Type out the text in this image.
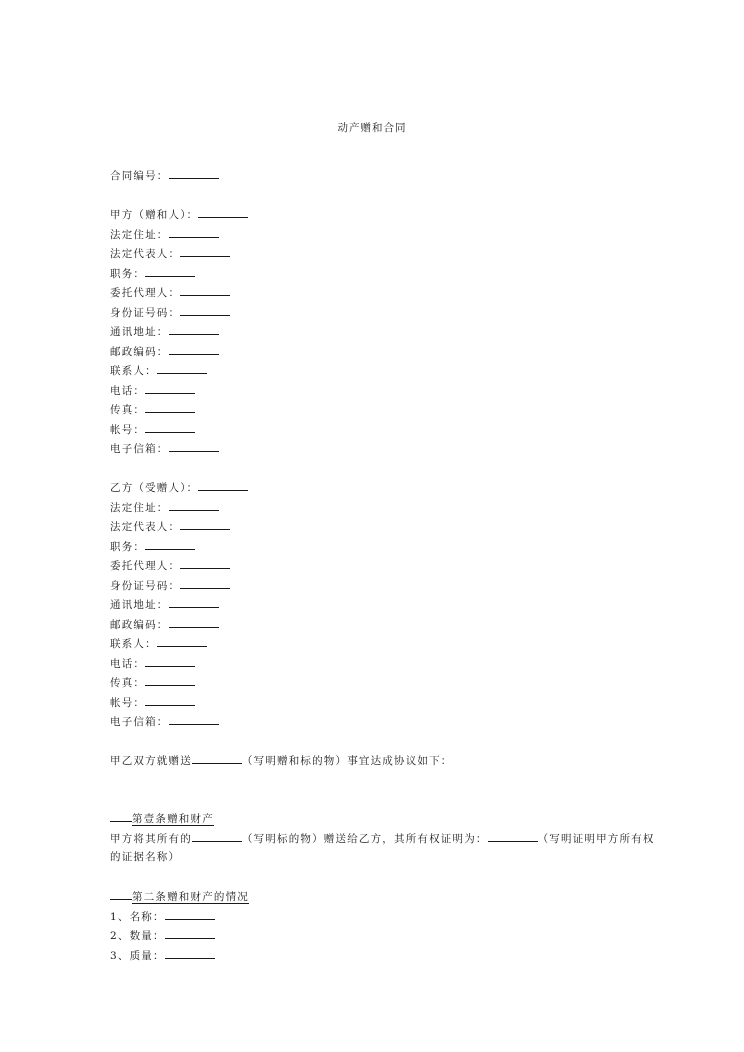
动产赠和合同
合同编号：
甲方（赠和人）：
法定住址：
法定代表人：
职务：
委托代理人：
身份证号码：
通讯地址：
邮政编码：
联系人：
电话：
传真：
帐号：
电子信箱：
乙方（受赠人）：
法定住址：
法定代表人：
职务：
委托代理人：
身份证号码：
通讯地址：
邮政编码：
联系人：
电话：
传真：
帐号：
电子信箱：
甲乙双方就赠送	（写明赠和标的物）事宜达成协议如下：
第壹条赠和财产
甲方将其所有的	（写明标的物）赠送给乙方，其所有权证明为：	（写明证明甲方所有权
的证据名称）
第二条赠和财产的情况
1、名称：
2、数量：
3、质量：
